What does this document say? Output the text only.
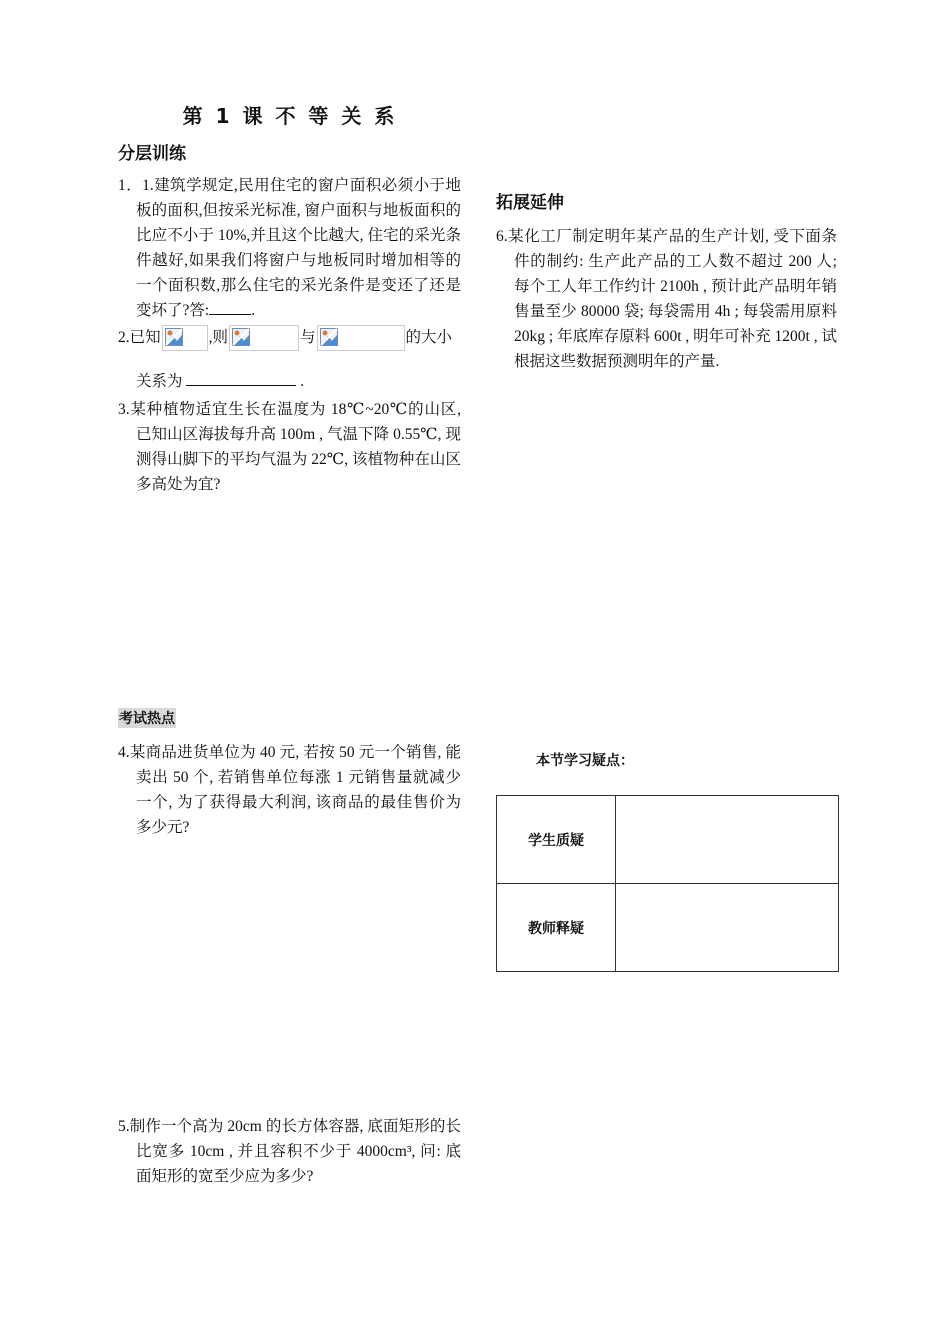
第 1 课 不 等 关 系
分层训练
1．1.建筑学规定,民用住宅的窗户面积必须小于地板的面积,但按采光标准, 窗户面积与地板面积的比应不小于 10%,并且这个比越大, 住宅的采光条件越好,如果我们将窗户与地板同时增加相等的一个面积数,那么住宅的采光条件是变还了还是变坏了?答:	.
2.已知	,则	与	的大小
关系为	.
3.某种植物适宜生长在温度为 18℃~20℃的山区, 已知山区海拔每升高 100m , 气温下降 0.55℃, 现测得山脚下的平均气温为 22℃, 该植物种在山区多高处为宜?
考试热点
4.某商品进货单位为 40 元, 若按 50 元一个销售, 能卖出 50 个, 若销售单位每涨 1 元销售量就减少一个, 为了获得最大利润, 该商品的最佳售价为多少元?
5.制作一个高为 20cm 的长方体容器, 底面矩形的长比宽多 10cm , 并且容积不少于 4000cm³, 问: 底面矩形的宽至少应为多少?
拓展延伸
6.某化工厂制定明年某产品的生产计划, 受下面条件的制约: 生产此产品的工人数不超过 200 人; 每个工人年工作约计 2100h , 预计此产品明年销售量至少 80000 袋; 每袋需用 4h ; 每袋需用原料 20kg ; 年底库存原料 600t , 明年可补充 1200t , 试根据这些数据预测明年的产量.
本节学习疑点：
学生质疑	
教师释疑	
